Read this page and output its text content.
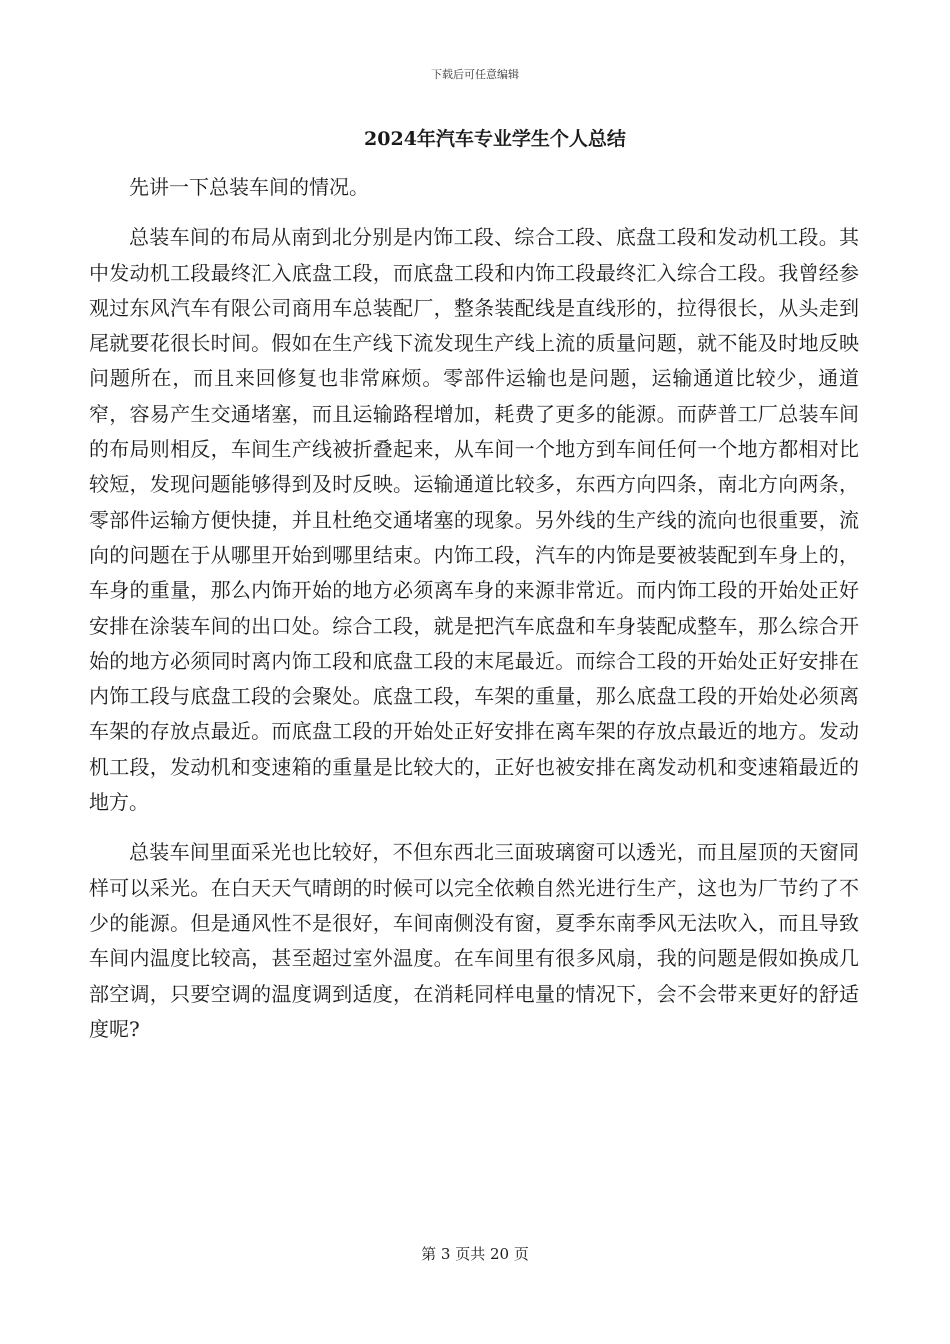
下载后可任意编辑
2024年汽车专业学生个人总结

先讲一下总装车间的情况。

总装车间的布局从南到北分别是内饰工段、综合工段、底盘工段和发动机工段。其中发动机工段最终汇入底盘工段，而底盘工段和内饰工段最终汇入综合工段。我曾经参观过东风汽车有限公司商用车总装配厂，整条装配线是直线形的，拉得很长，从头走到尾就要花很长时间。假如在生产线下流发现生产线上流的质量问题，就不能及时地反映问题所在，而且来回修复也非常麻烦。零部件运输也是问题，运输通道比较少，通道窄，容易产生交通堵塞，而且运输路程增加，耗费了更多的能源。而萨普工厂总装车间的布局则相反，车间生产线被折叠起来，从车间一个地方到车间任何一个地方都相对比较短，发现问题能够得到及时反映。运输通道比较多，东西方向四条，南北方向两条，零部件运输方便快捷，并且杜绝交通堵塞的现象。另外线的生产线的流向也很重要，流向的问题在于从哪里开始到哪里结束。内饰工段，汽车的内饰是要被装配到车身上的，车身的重量，那么内饰开始的地方必须离车身的来源非常近。而内饰工段的开始处正好安排在涂装车间的出口处。综合工段，就是把汽车底盘和车身装配成整车，那么综合开始的地方必须同时离内饰工段和底盘工段的末尾最近。而综合工段的开始处正好安排在内饰工段与底盘工段的会聚处。底盘工段，车架的重量，那么底盘工段的开始处必须离车架的存放点最近。而底盘工段的开始处正好安排在离车架的存放点最近的地方。发动机工段，发动机和变速箱的重量是比较大的，正好也被安排在离发动机和变速箱最近的地方。

总装车间里面采光也比较好，不但东西北三面玻璃窗可以透光，而且屋顶的天窗同样可以采光。在白天天气晴朗的时候可以完全依赖自然光进行生产，这也为厂节约了不少的能源。但是通风性不是很好，车间南侧没有窗，夏季东南季风无法吹入，而且导致车间内温度比较高，甚至超过室外温度。在车间里有很多风扇，我的问题是假如换成几部空调，只要空调的温度调到适度，在消耗同样电量的情况下，会不会带来更好的舒适度呢?

第 3 页共 20 页
